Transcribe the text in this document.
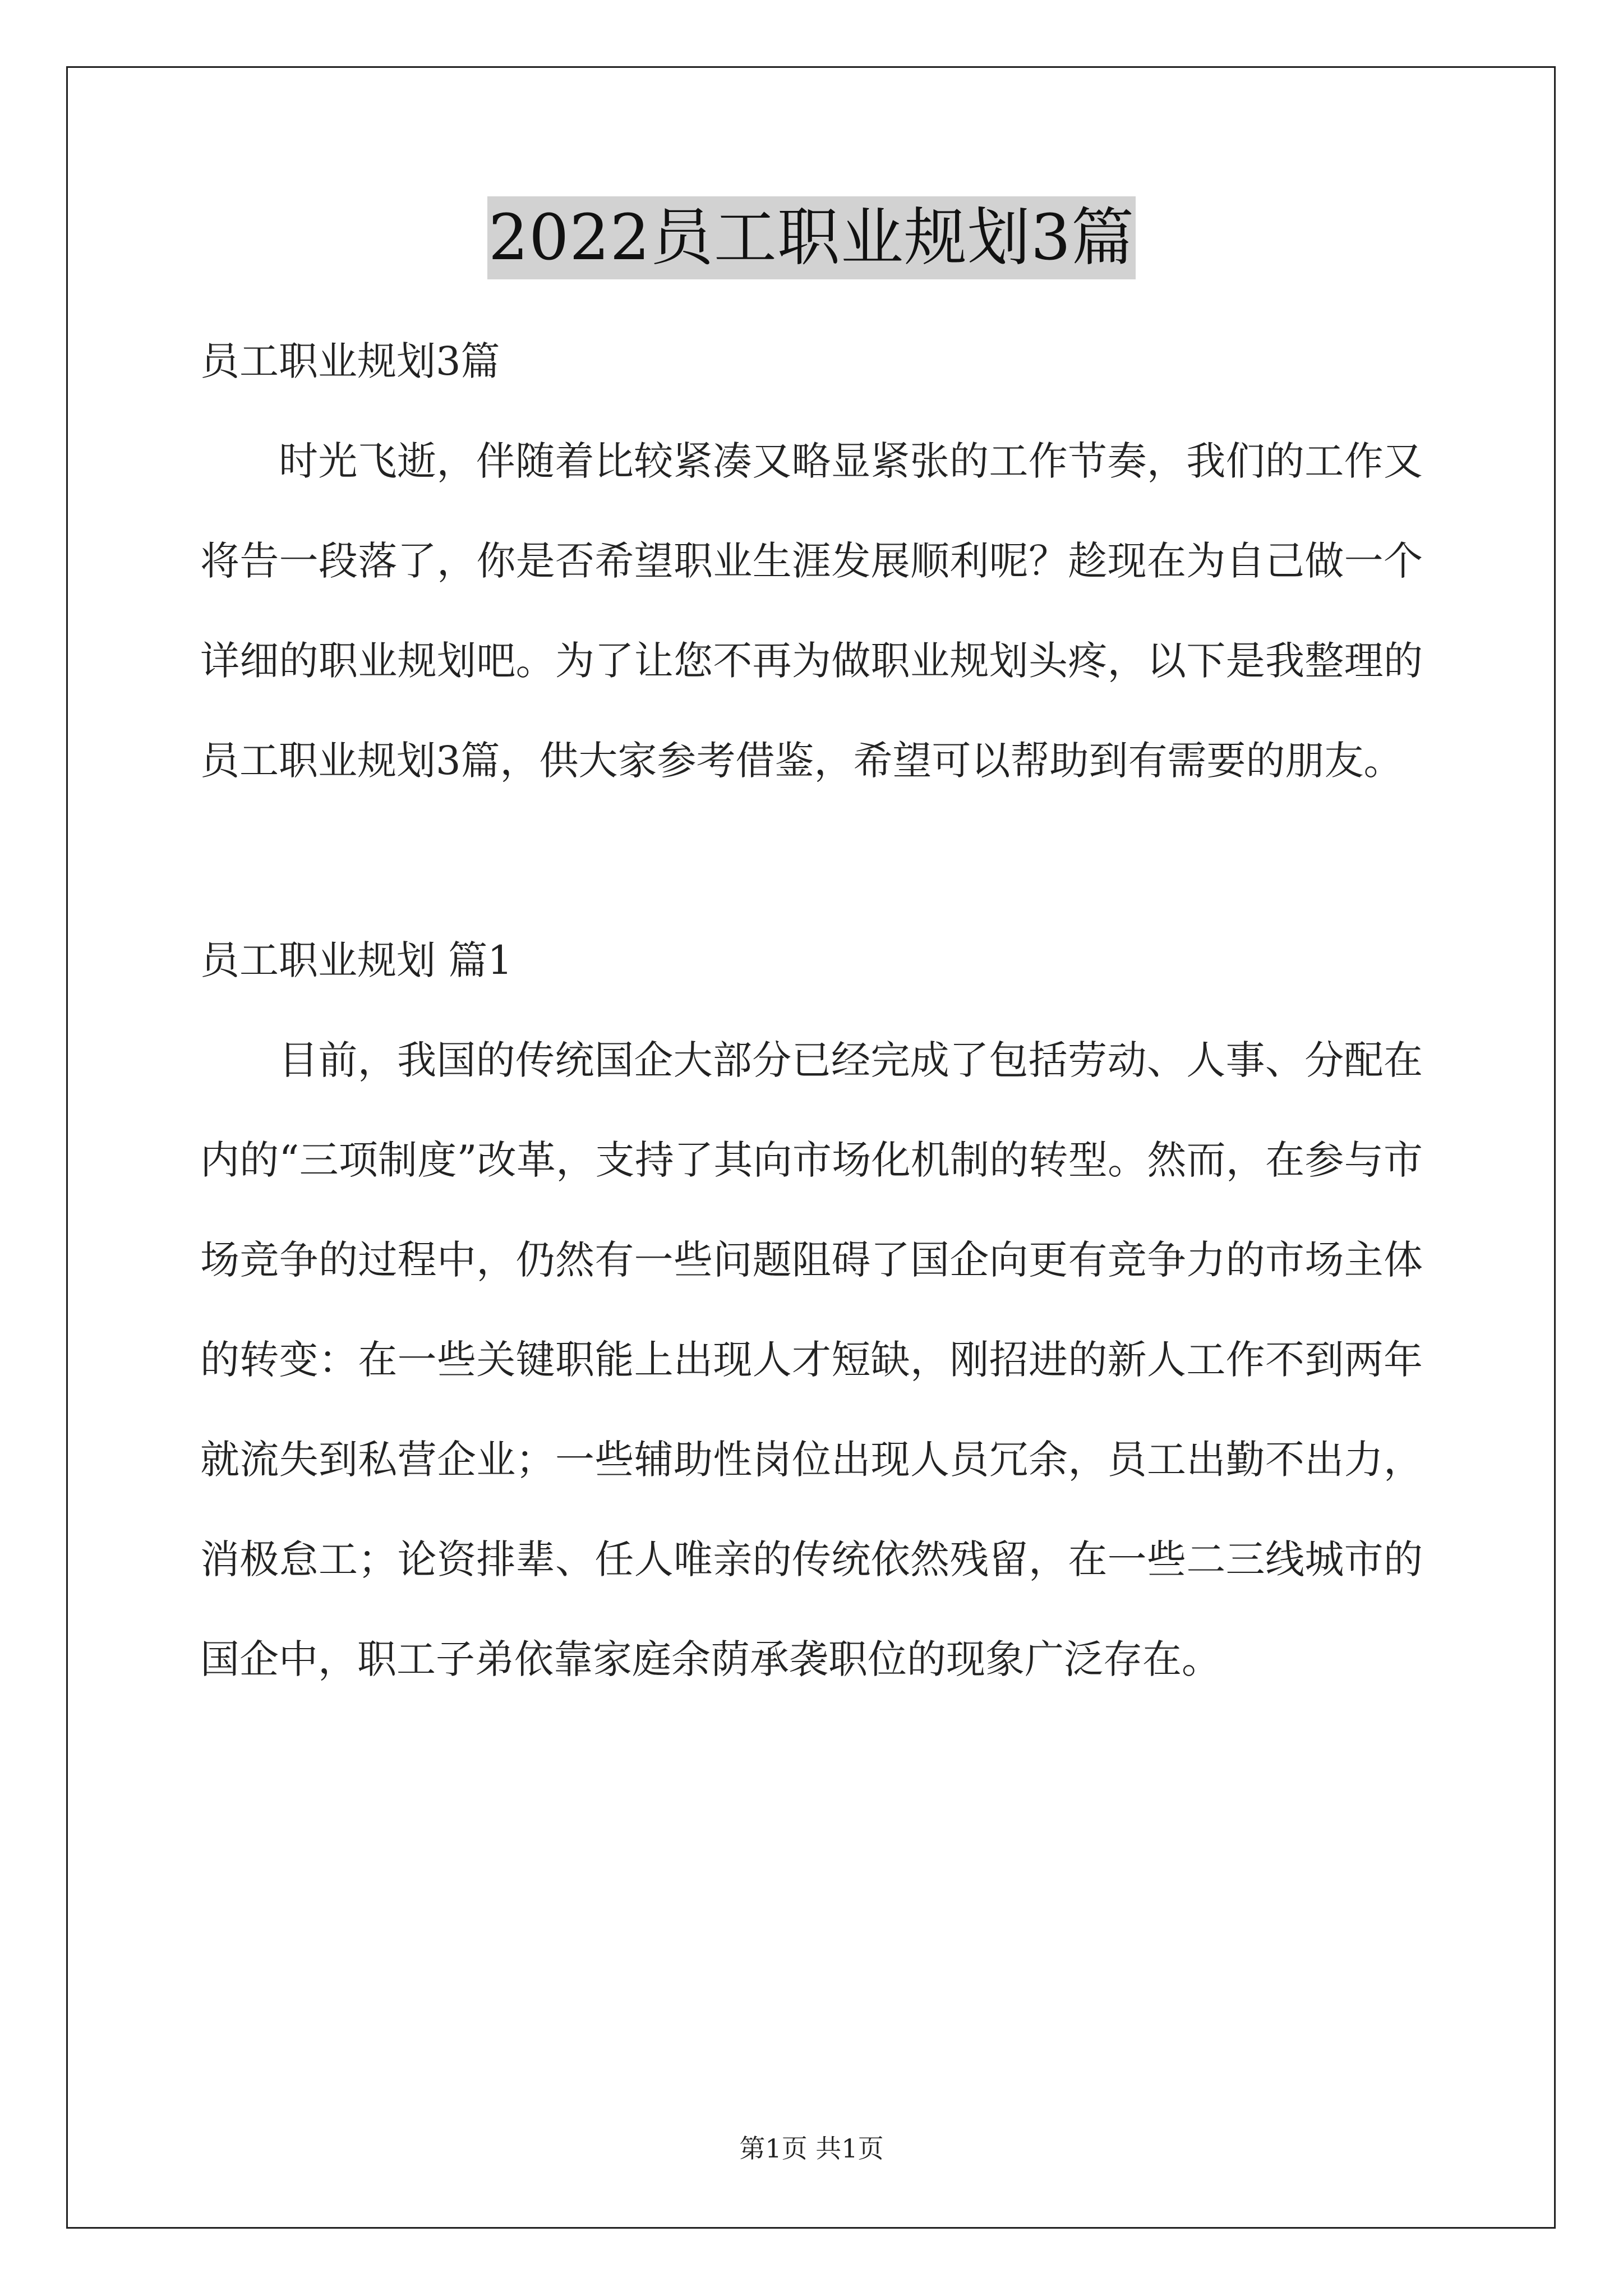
2022员工职业规划3篇

员工职业规划3篇

时光飞逝，伴随着比较紧凑又略显紧张的工作节奏，我们的工作又将告一段落了，你是否希望职业生涯发展顺利呢？趁现在为自己做一个详细的职业规划吧。为了让您不再为做职业规划头疼，以下是我整理的员工职业规划3篇，供大家参考借鉴，希望可以帮助到有需要的朋友。

员工职业规划 篇1

目前，我国的传统国企大部分已经完成了包括劳动、人事、分配在内的“三项制度”改革，支持了其向市场化机制的转型。然而，在参与市场竞争的过程中，仍然有一些问题阻碍了国企向更有竞争力的市场主体的转变：在一些关键职能上出现人才短缺，刚招进的新人工作不到两年就流失到私营企业；一些辅助性岗位出现人员冗余，员工出勤不出力，消极怠工；论资排辈、任人唯亲的传统依然残留，在一些二三线城市的国企中，职工子弟依靠家庭余荫承袭职位的现象广泛存在。

第1页 共1页
